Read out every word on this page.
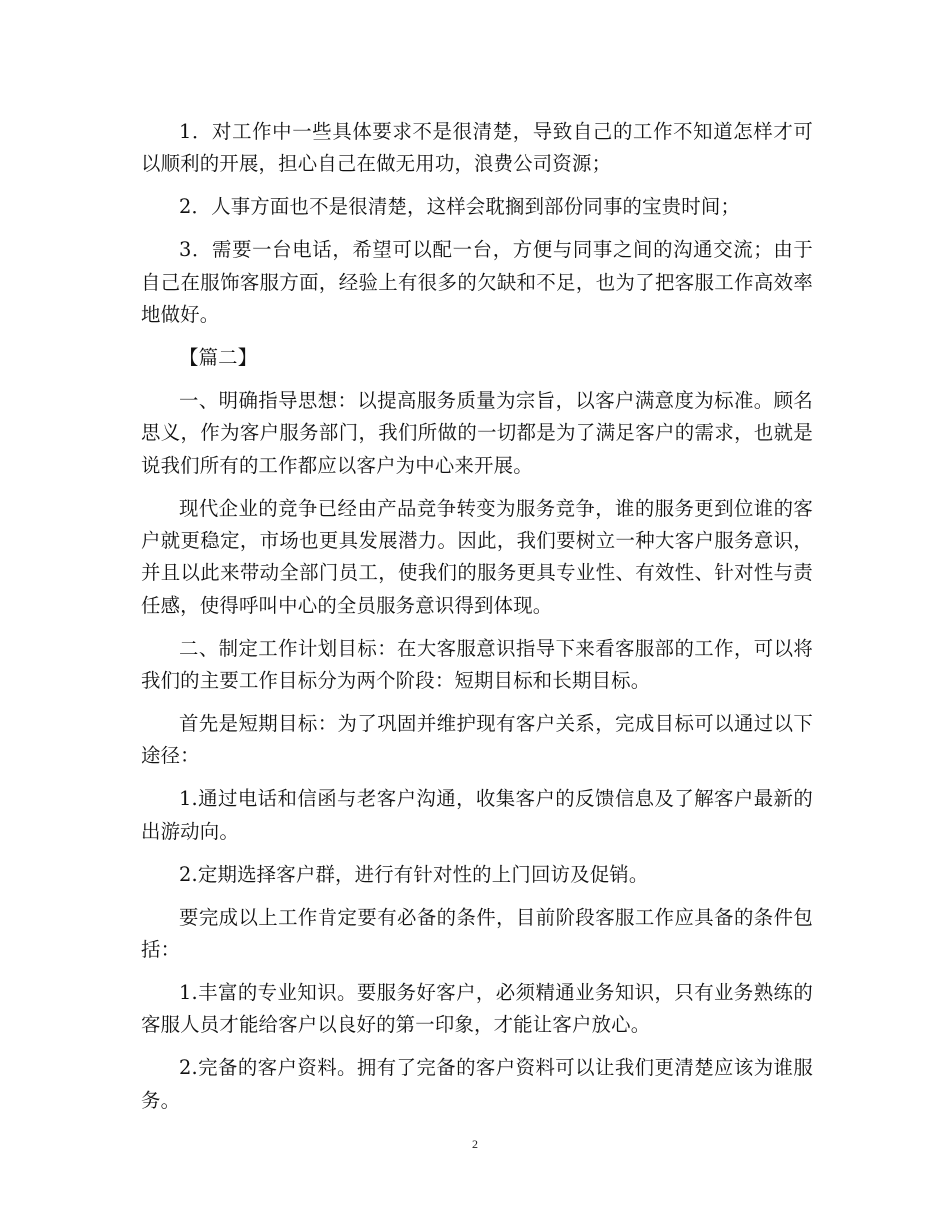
1．对工作中一些具体要求不是很清楚，导致自己的工作不知道怎样才可以顺利的开展，担心自己在做无用功，浪费公司资源；

2．人事方面也不是很清楚，这样会耽搁到部份同事的宝贵时间；

3．需要一台电话，希望可以配一台，方便与同事之间的沟通交流；由于自己在服饰客服方面，经验上有很多的欠缺和不足，也为了把客服工作高效率地做好。

【篇二】

一、明确指导思想：以提高服务质量为宗旨，以客户满意度为标准。顾名思义，作为客户服务部门，我们所做的一切都是为了满足客户的需求，也就是说我们所有的工作都应以客户为中心来开展。

现代企业的竞争已经由产品竞争转变为服务竞争，谁的服务更到位谁的客户就更稳定，市场也更具发展潜力。因此，我们要树立一种大客户服务意识，并且以此来带动全部门员工，使我们的服务更具专业性、有效性、针对性与责任感，使得呼叫中心的全员服务意识得到体现。

二、制定工作计划目标：在大客服意识指导下来看客服部的工作，可以将我们的主要工作目标分为两个阶段：短期目标和长期目标。

首先是短期目标：为了巩固并维护现有客户关系，完成目标可以通过以下途径：

1.通过电话和信函与老客户沟通，收集客户的反馈信息及了解客户最新的出游动向。

2.定期选择客户群，进行有针对性的上门回访及促销。

要完成以上工作肯定要有必备的条件，目前阶段客服工作应具备的条件包括：

1.丰富的专业知识。要服务好客户，必须精通业务知识，只有业务熟练的客服人员才能给客户以良好的第一印象，才能让客户放心。

2.完备的客户资料。拥有了完备的客户资料可以让我们更清楚应该为谁服务。

2
